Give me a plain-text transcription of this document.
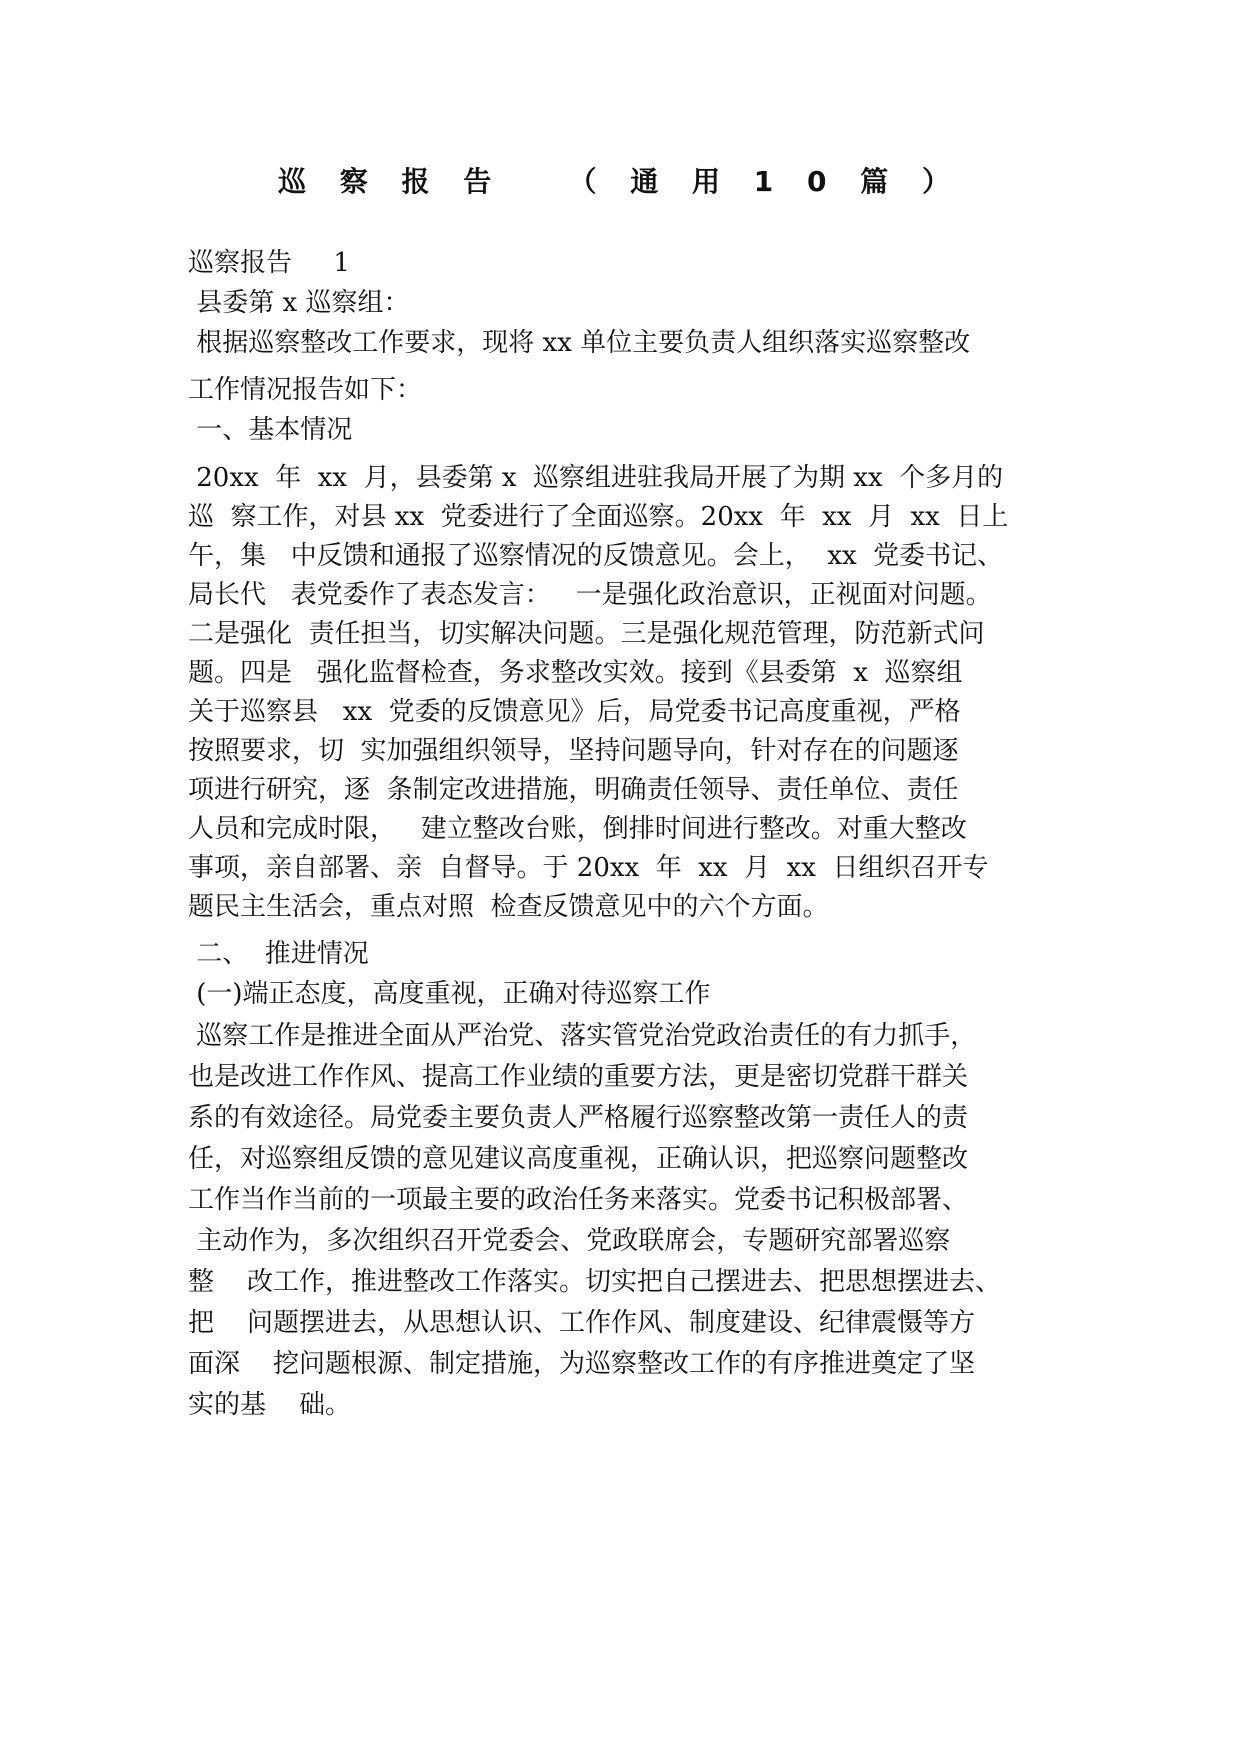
巡 察 报 告   （ 通 用 1 0 篇 ）
巡察报告     1
县委第 x 巡察组：
根据巡察整改工作要求，现将 xx 单位主要负责人组织落实巡察整改
工作情况报告如下：
一、基本情况
20xx  年  xx  月，县委第 x  巡察组进驻我局开展了为期 xx  个多月的
巡  察工作，对县 xx  党委进行了全面巡察。20xx  年  xx  月  xx  日上
午，集   中反馈和通报了巡察情况的反馈意见。会上，  xx  党委书记、
局长代   表党委作了表态发言：   一是强化政治意识，正视面对问题。
二是强化  责任担当，切实解决问题。三是强化规范管理，防范新式问
题。四是   强化监督检查，务求整改实效。接到《县委第  x  巡察组
关于巡察县   xx  党委的反馈意见》后，局党委书记高度重视，严格
按照要求，切  实加强组织领导，坚持问题导向，针对存在的问题逐
项进行研究，逐  条制定改进措施，明确责任领导、责任单位、责任
人员和完成时限，   建立整改台账，倒排时间进行整改。对重大整改
事项，亲自部署、亲  自督导。于 20xx  年  xx  月  xx  日组织召开专
题民主生活会，重点对照  检查反馈意见中的六个方面。
二、  推进情况
(一)端正态度，高度重视，正确对待巡察工作
巡察工作是推进全面从严治党、落实管党治党政治责任的有力抓手，
也是改进工作作风、提高工作业绩的重要方法，更是密切党群干群关
系的有效途径。局党委主要负责人严格履行巡察整改第一责任人的责
任，对巡察组反馈的意见建议高度重视，正确认识，把巡察问题整改
工作当作当前的一项最主要的政治任务来落实。党委书记积极部署、
主动作为，多次组织召开党委会、党政联席会，专题研究部署巡察
整    改工作，推进整改工作落实。切实把自己摆进去、把思想摆进去、
把    问题摆进去，从思想认识、工作作风、制度建设、纪律震慑等方
面深    挖问题根源、制定措施，为巡察整改工作的有序推进奠定了坚
实的基    础。
